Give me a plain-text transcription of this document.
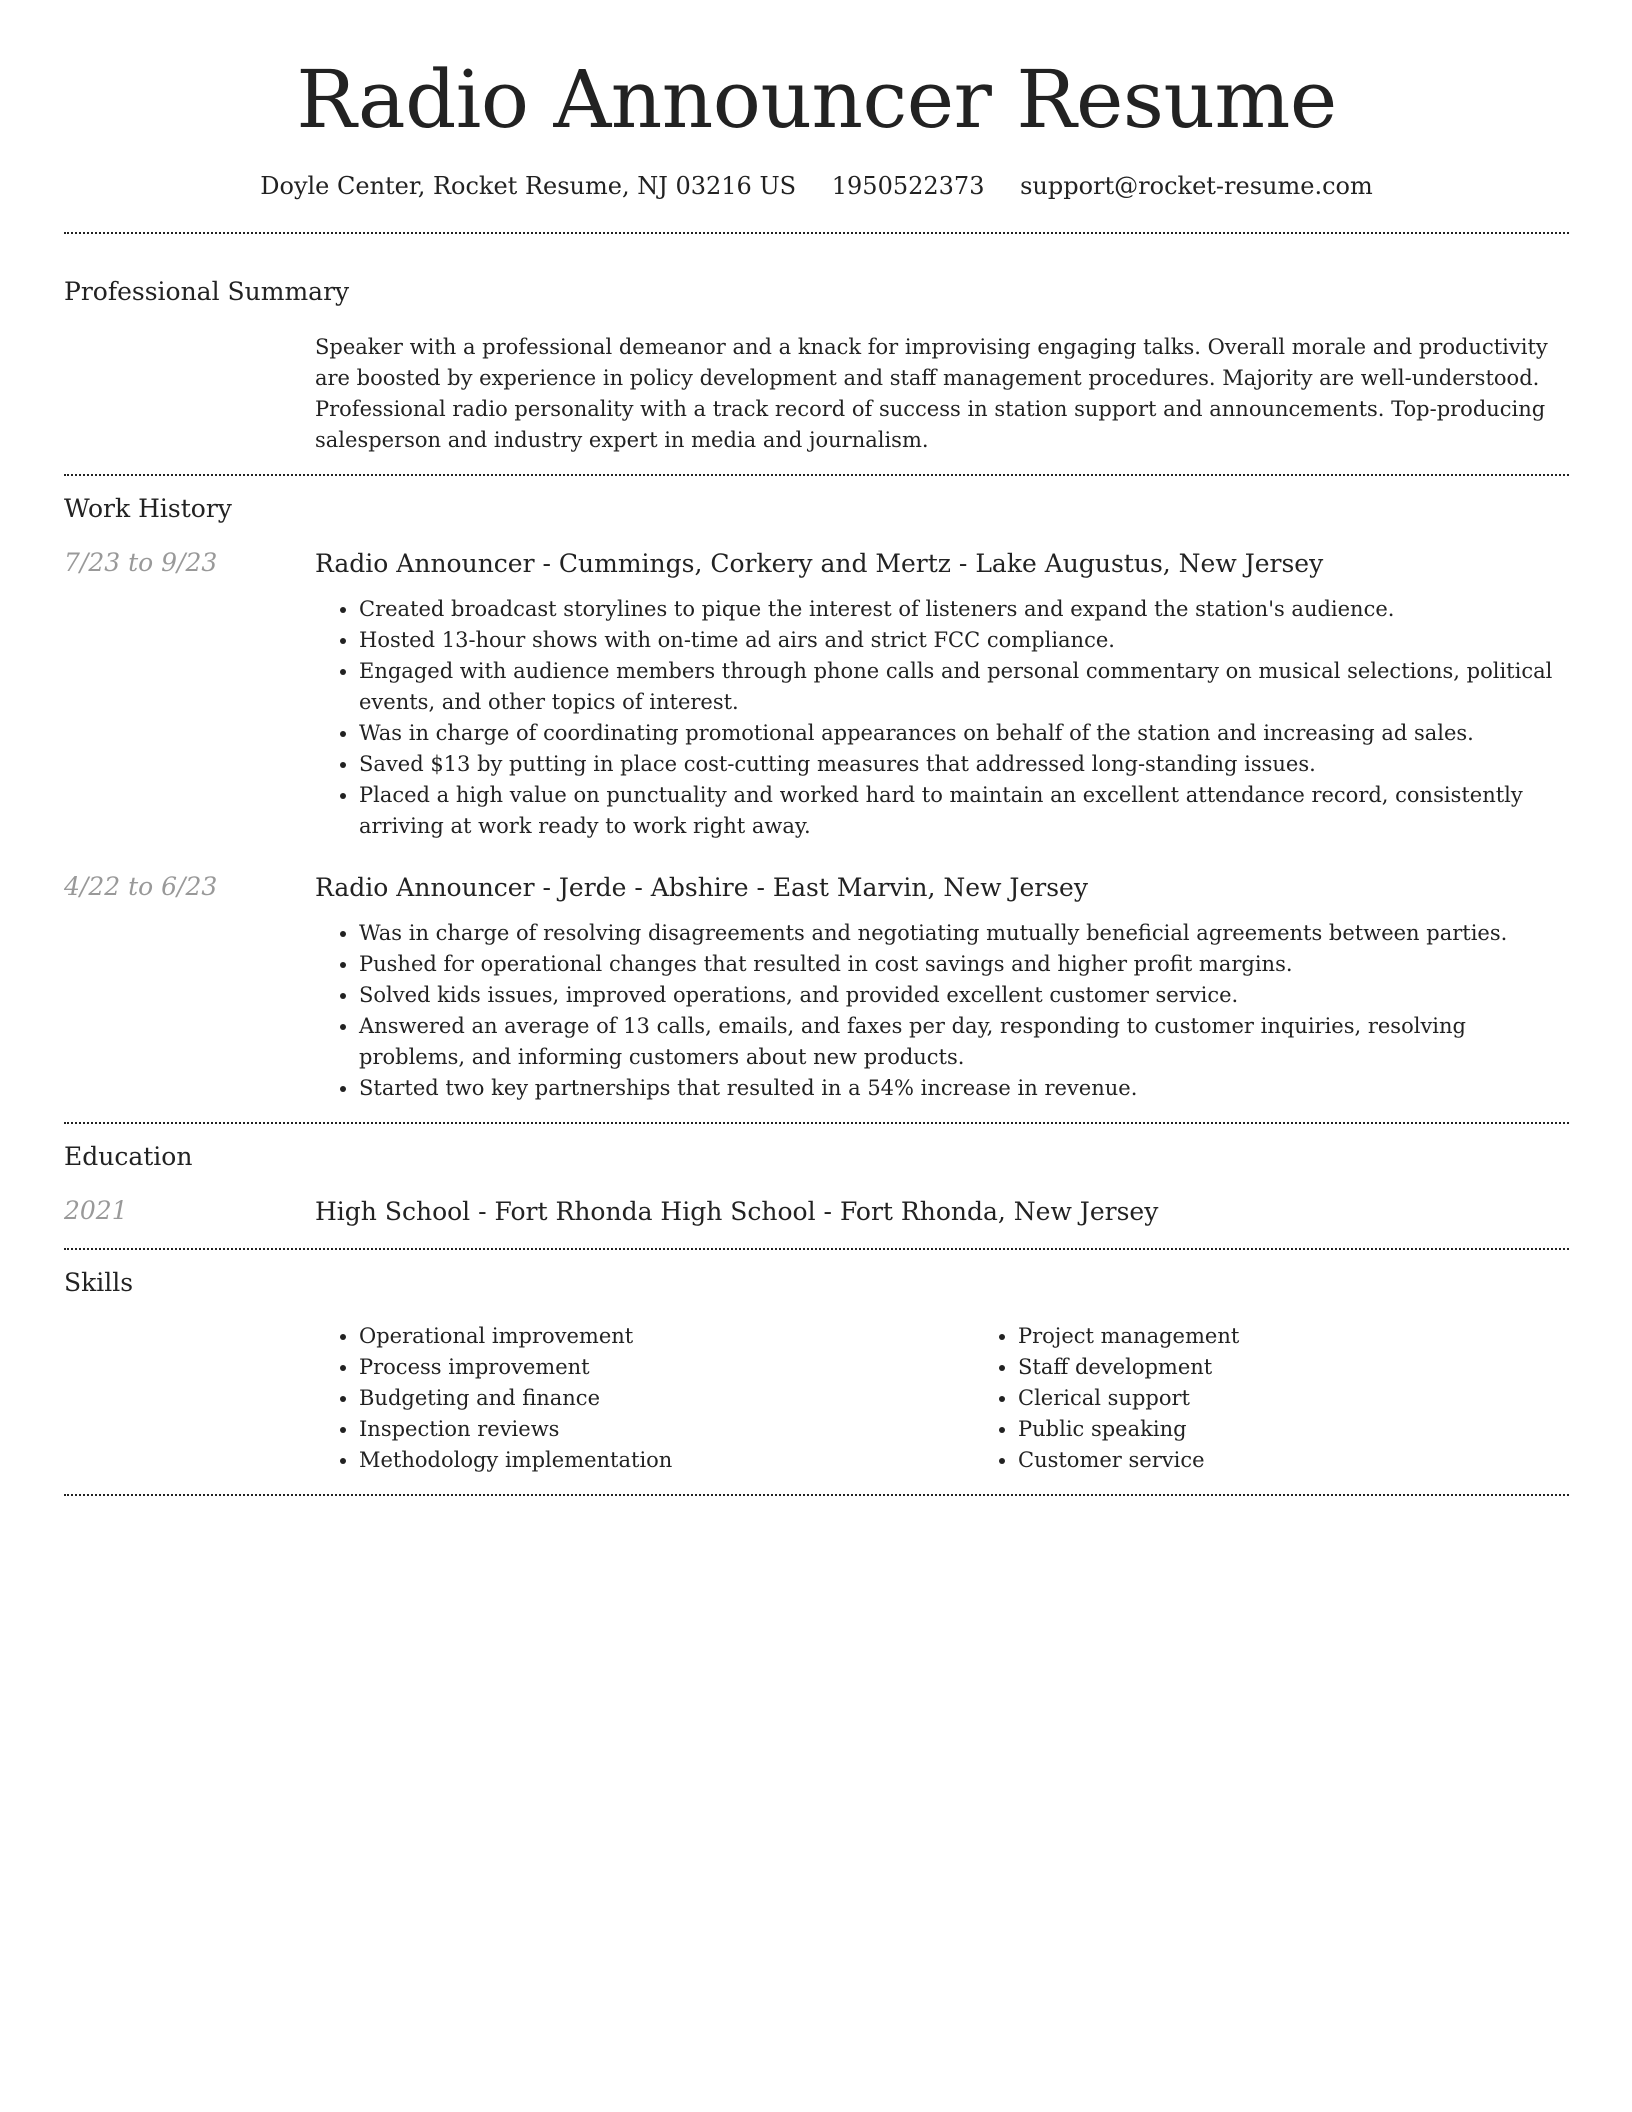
Radio Announcer Resume
Doyle Center, Rocket Resume, NJ 03216 US 1950522373 support@rocket-resume.com
Professional Summary
Speaker with a professional demeanor and a knack for improvising engaging talks. Overall morale and productivity are boosted by experience in policy development and staff management procedures. Majority are well-understood. Professional radio personality with a track record of success in station support and announcements. Top-producing salesperson and industry expert in media and journalism.
Work History
7/23 to 9/23	Radio Announcer - Cummings, Corkery and Mertz - Lake Augustus, New Jersey
• Created broadcast storylines to pique the interest of listeners and expand the station's audience.
• Hosted 13-hour shows with on-time ad airs and strict FCC compliance.
• Engaged with audience members through phone calls and personal commentary on musical selections, political events, and other topics of interest.
• Was in charge of coordinating promotional appearances on behalf of the station and increasing ad sales.
• Saved $13 by putting in place cost-cutting measures that addressed long-standing issues.
• Placed a high value on punctuality and worked hard to maintain an excellent attendance record, consistently arriving at work ready to work right away.
4/22 to 6/23	Radio Announcer - Jerde - Abshire - East Marvin, New Jersey
• Was in charge of resolving disagreements and negotiating mutually beneficial agreements between parties.
• Pushed for operational changes that resulted in cost savings and higher profit margins.
• Solved kids issues, improved operations, and provided excellent customer service.
• Answered an average of 13 calls, emails, and faxes per day, responding to customer inquiries, resolving problems, and informing customers about new products.
• Started two key partnerships that resulted in a 54% increase in revenue.
Education
2021	High School - Fort Rhonda High School - Fort Rhonda, New Jersey
Skills
• Operational improvement
• Process improvement
• Budgeting and finance
• Inspection reviews
• Methodology implementation
• Project management
• Staff development
• Clerical support
• Public speaking
• Customer service
